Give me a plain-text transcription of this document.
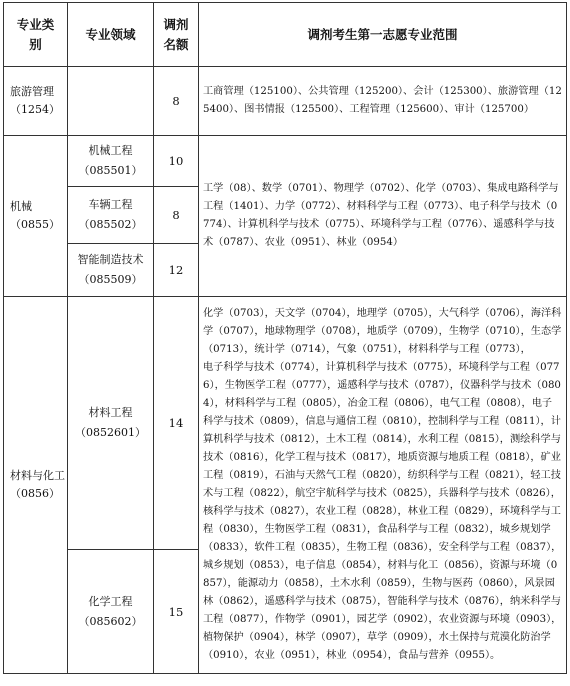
专业类别	专业领域	调剂名额	调剂考生第一志愿专业范围
旅游管理（1254）		8	工商管理（125100）、公共管理（125200）、会计（125300）、旅游管理（125400）、图书情报（125500）、工程管理（125600）、审计（125700）
机械（0855）	机械工程（085501）	10	工学（08）、数学（0701）、物理学（0702）、化学（0703）、集成电路科学与工程（1401）、力学（0772）、材料科学与工程（0773）、电子科学与技术（0774）、计算机科学与技术（0775）、环境科学与工程（0776）、遥感科学与技术（0787）、农业（0951）、林业（0954）
	车辆工程（085502）	8	
	智能制造技术（085509）	12	
材料与化工（0856）	材料工程（0852601）	14	化学（0703），天文学（0704），地理学（0705），大气科学（0706），海洋科学（0707），地球物理学（0708），地质学（0709），生物学（0710），生态学（0713），统计学（0714），气象（0751），材料科学与工程（0773），

电子科学与技术（0774），计算机科学与技术（0775），环境科学与工程（0776），生物医学工程（0777），遥感科学与技术（0787），仪器科学与技术（0804），材料科学与工程（0805），冶金工程（0806），电气工程（0808），电子科学与技术（0809），信息与通信工程（0810），控制科学与工程（0811），计算机科学与技术（0812），土木工程（0814），水利工程（0815），测绘科学与技术（0816），化学工程与技术（0817），地质资源与地质工程（0818），矿业工程（0819），石油与天然气工程（0820），纺织科学与工程（0821），轻工技术与工程（0822），航空宇航科学与技术（0825），兵器科学与技术（0826），核科学与技术（0827），农业工程（0828），林业工程（0829），环境科学与工程（0830），生物医学工程（0831），食品科学与工程（0832），城乡规划学（0833），软件工程（0835），生物工程（0836），安全科学与工程（0837），

城乡规划（0853），电子信息（0854），材料与化工（0856），资源与环境（0857），能源动力（0858），土木水利（0859），生物与医药（0860），风景园林（0862），遥感科学与技术（0875），智能科学与技术（0876），纳米科学与工程（0877），作物学（0901），园艺学（0902），农业资源与环境（0903），植物保护（0904），林学（0907），草学（0909），水土保持与荒漠化防治学（0910），农业（0951），林业（0954），食品与营养（0955）。

	化学工程（085602）	15	
